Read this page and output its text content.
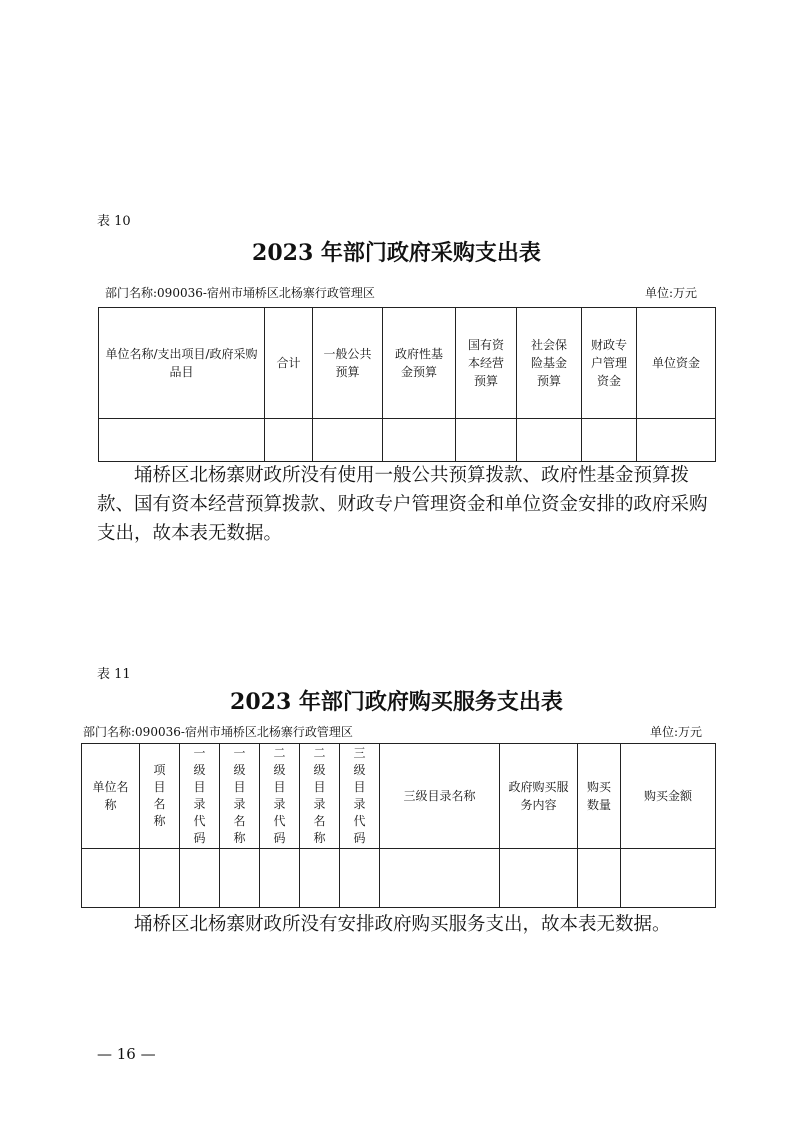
表 10
2023 年部门政府采购支出表
部门名称:090036-宿州市埇桥区北杨寨行政管理区	单位:万元
单位名称/支出项目/政府采购品目	合计	一般公共预算	政府性基金预算	国有资本经营预算	社会保险基金预算	财政专户管理资金	单位资金

埇桥区北杨寨财政所没有使用一般公共预算拨款、政府性基金预算拨款、国有资本经营预算拨款、财政专户管理资金和单位资金安排的政府采购支出，故本表无数据。
表 11
2023 年部门政府购买服务支出表
部门名称:090036-宿州市埇桥区北杨寨行政管理区	单位:万元
单位名称	项目名称	一级目录代码	一级目录名称	二级目录代码	二级目录名称	三级目录代码	三级目录名称	政府购买服务内容	购买数量	购买金额

埇桥区北杨寨财政所没有安排政府购买服务支出，故本表无数据。
— 16 —
